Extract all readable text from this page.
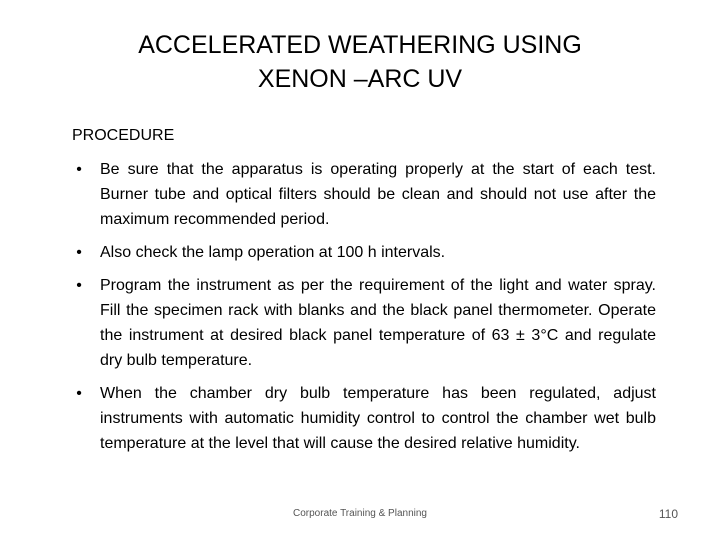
ACCELERATED WEATHERING USING
XENON –ARC UV
PROCEDURE
• Be sure that the apparatus is operating properly at the start of each test. Burner tube and optical filters should be clean and should not use after the maximum recommended period.
• Also check the lamp operation at 100 h intervals.
• Program the instrument as per the requirement of the light and water spray. Fill the specimen rack with blanks and the black panel thermometer. Operate the instrument at desired black panel temperature of 63 ± 3°C and regulate dry bulb temperature.
• When the chamber dry bulb temperature has been regulated, adjust instruments with automatic humidity control to control the chamber wet bulb temperature at the level that will cause the desired relative humidity.
Corporate Training & Planning	110
